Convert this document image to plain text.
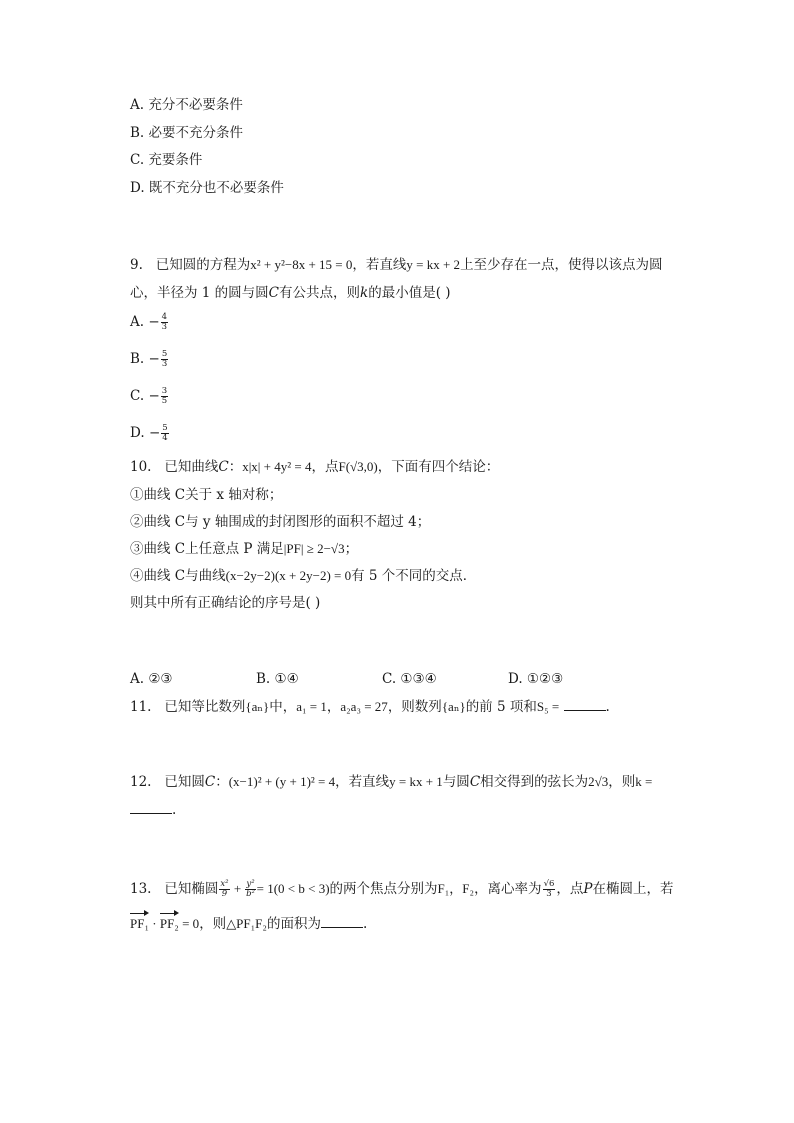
A. 充分不必要条件
B. 必要不充分条件
C. 充要条件
D. 既不充分也不必要条件
9. 已知圆的方程为x² + y²−8x + 15 = 0，若直线y = kx + 2上至少存在一点，使得以该点为圆
心，半径为 1 的圆与圆C有公共点，则k的最小值是( )
A. − $\frac{4}{3}$
B. − $\frac{5}{3}$
C. − $\frac{3}{5}$
D. − $\frac{5}{4}$
10. 已知曲线C：x|x| + 4y² = 4，点F(√3,0)，下面有四个结论：
①曲线 C关于 x 轴对称；
②曲线 C与 y 轴围成的封闭图形的面积不超过 4；
③曲线 C上任意点 P 满足|PF| ≥ 2−√3；
④曲线 C与曲线(x−2y−2)(x + 2y−2) = 0有 5 个不同的交点．
则其中所有正确结论的序号是( )
A. ②③	B. ①④	C. ①③④	D. ①②③
11. 已知等比数列{aₙ}中，a₁ = 1，a₂a₃ = 27，则数列{aₙ}的前 5 项和S₅ =	.
12. 已知圆C：(x−1)² + (y + 1)² = 4，若直线y = kx + 1与圆C相交得到的弦长为2√3，则k =
.
13. 已知椭圆 $\frac{\text{x²}}{9} + \frac{\text{y²}}{\text{b²}} = 1(0 < b < 3)$的两个焦点分别为F₁，F₂，离心率为 $\frac{√6}{3}$ ，点P在椭圆上，若
PF₁ · PF₂ = 0，则△PF₁F₂的面积为	.
